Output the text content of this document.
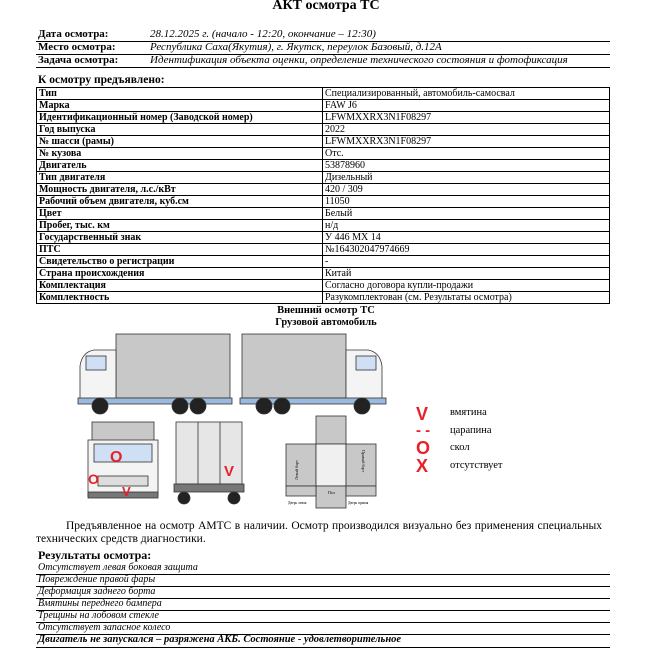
АКТ осмотра ТС
Дата осмотра:	28.12.2025 г. (начало - 12:20, окончание – 12:30)
Место осмотра:	Республика Саха(Якутия), г. Якутск, переулок Базовый, д.12А
Задача осмотра:	Идентификация объекта оценки, определение технического состояния и фотофиксация
К осмотру предъявлено:
Тип	Специализированный, автомобиль-самосвал
Марка	FAW J6
Идентификационный номер (Заводской номер)	LFWMXXRX3N1F08297
Год выпуска	2022
№ шасси (рамы)	LFWMXXRX3N1F08297
№ кузова	Отс.
Двигатель	53878960
Тип двигателя	Дизельный
Мощность двигателя, л.с./кВт	420 / 309
Рабочий объем двигателя, куб.см	11050
Цвет	Белый
Пробег, тыс. км	н/д
Государственный знак	У 446 МХ 14
ПТС	№164302047974669
Свидетельство о регистрации	-
Страна происхождения	Китай
Комплектация	Согласно договора купли-продажи
Комплектность	Разукомплектован (см. Результаты осмотра)
Внешний осмотр ТС
Грузовой автомобиль
Левый борт	Правый борт
Пол
Дверь левая	Дверь правая
O
O
V
V
V вмятина
- - царапина
O скол
X отсутствует
Предъявленное на осмотр АМТС в наличии. Осмотр производился визуально без применения специальных технических средств диагностики.
Результаты осмотра:
Отсутствует левая боковая защита
Повреждение правой фары
Деформация заднего борта
Вмятины переднего бампера
Трещины на лобовом стекле
Отсутствует запасное колесо
Двигатель не запускался – разряжена АКБ. Состояние - удовлетворительное
